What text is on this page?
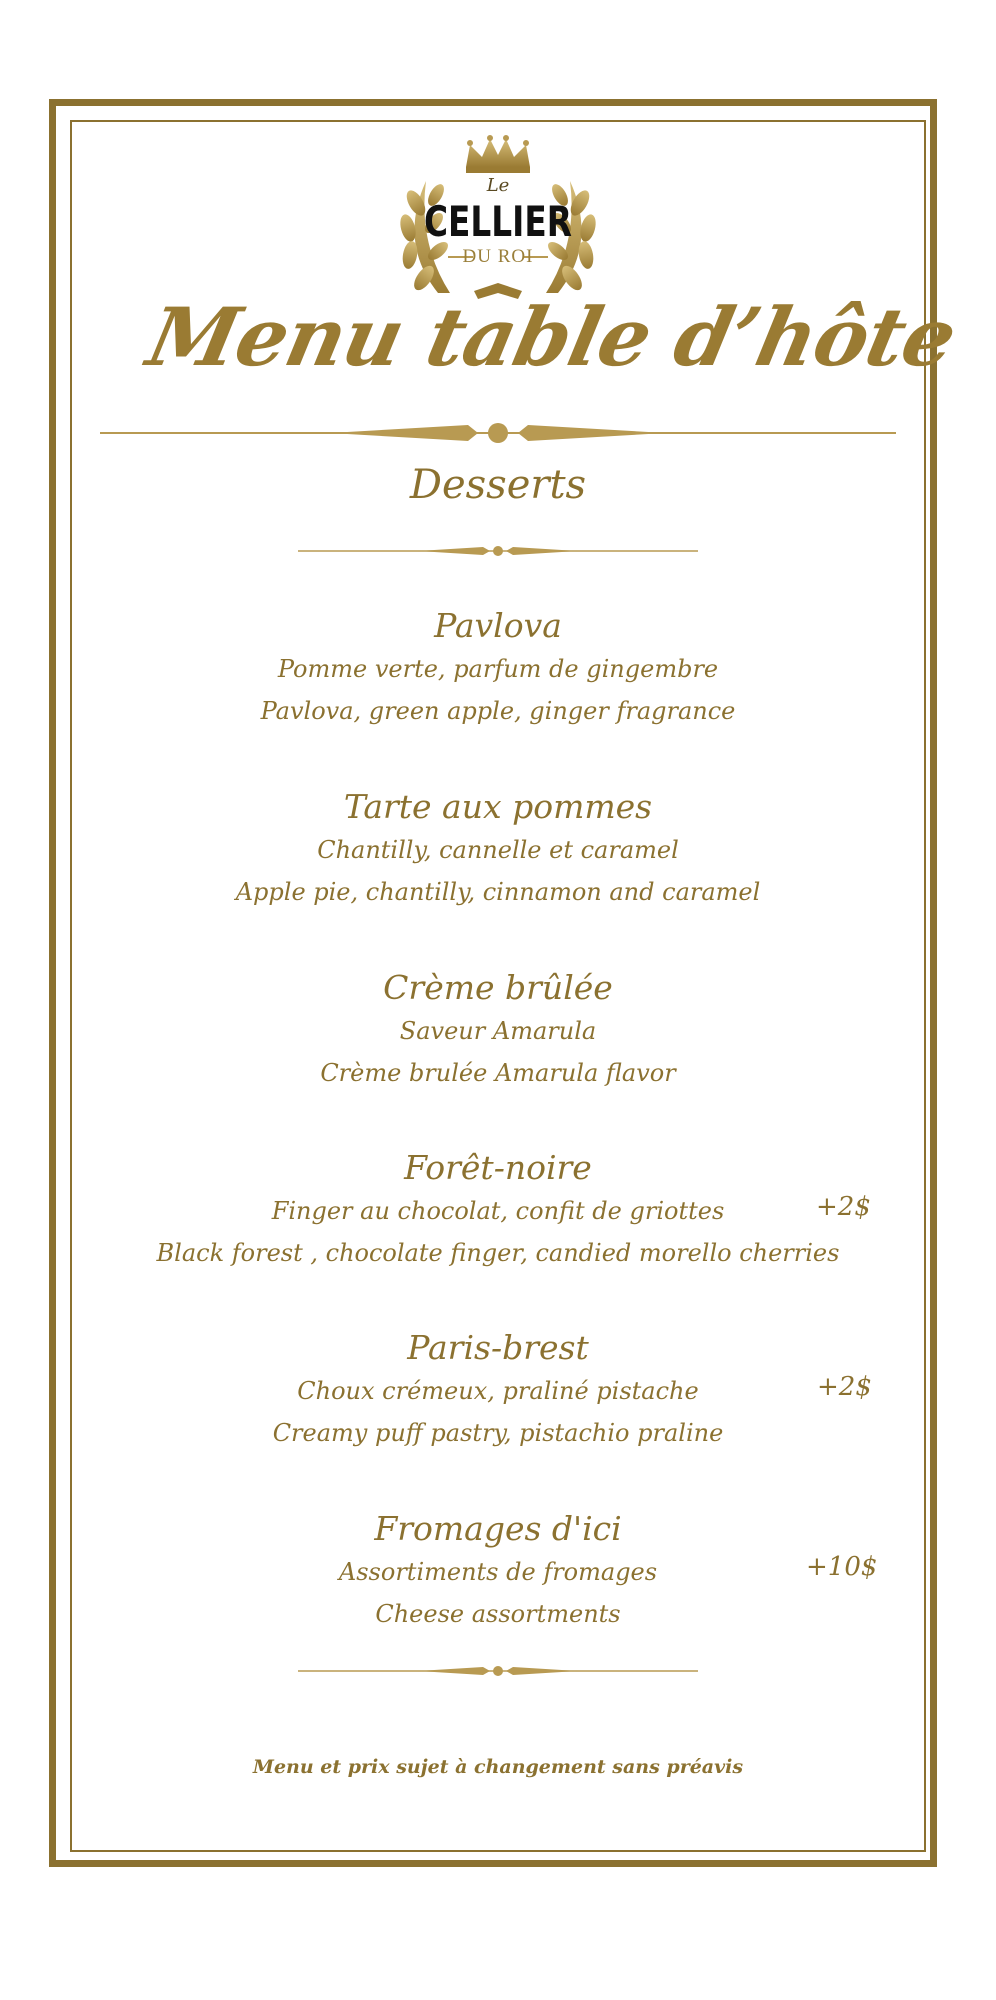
Le
CELLIER
DU ROI
Menu table d’hôte
Desserts
Pavlova
Pomme verte, parfum de gingembre
Pavlova, green apple, ginger fragrance
Tarte aux pommes
Chantilly, cannelle et caramel
Apple pie, chantilly, cinnamon and caramel
Crème brûlée
Saveur Amarula
Crème brulée Amarula flavor
Forêt-noire
Finger au chocolat, confit de griottes
Black forest , chocolate finger, candied morello cherries
+2$
Paris-brest
Choux crémeux, praliné pistache
Creamy puff pastry, pistachio praline
+2$
Fromages d'ici
Assortiments de fromages
Cheese assortments
+10$
Menu et prix sujet à changement sans préavis
